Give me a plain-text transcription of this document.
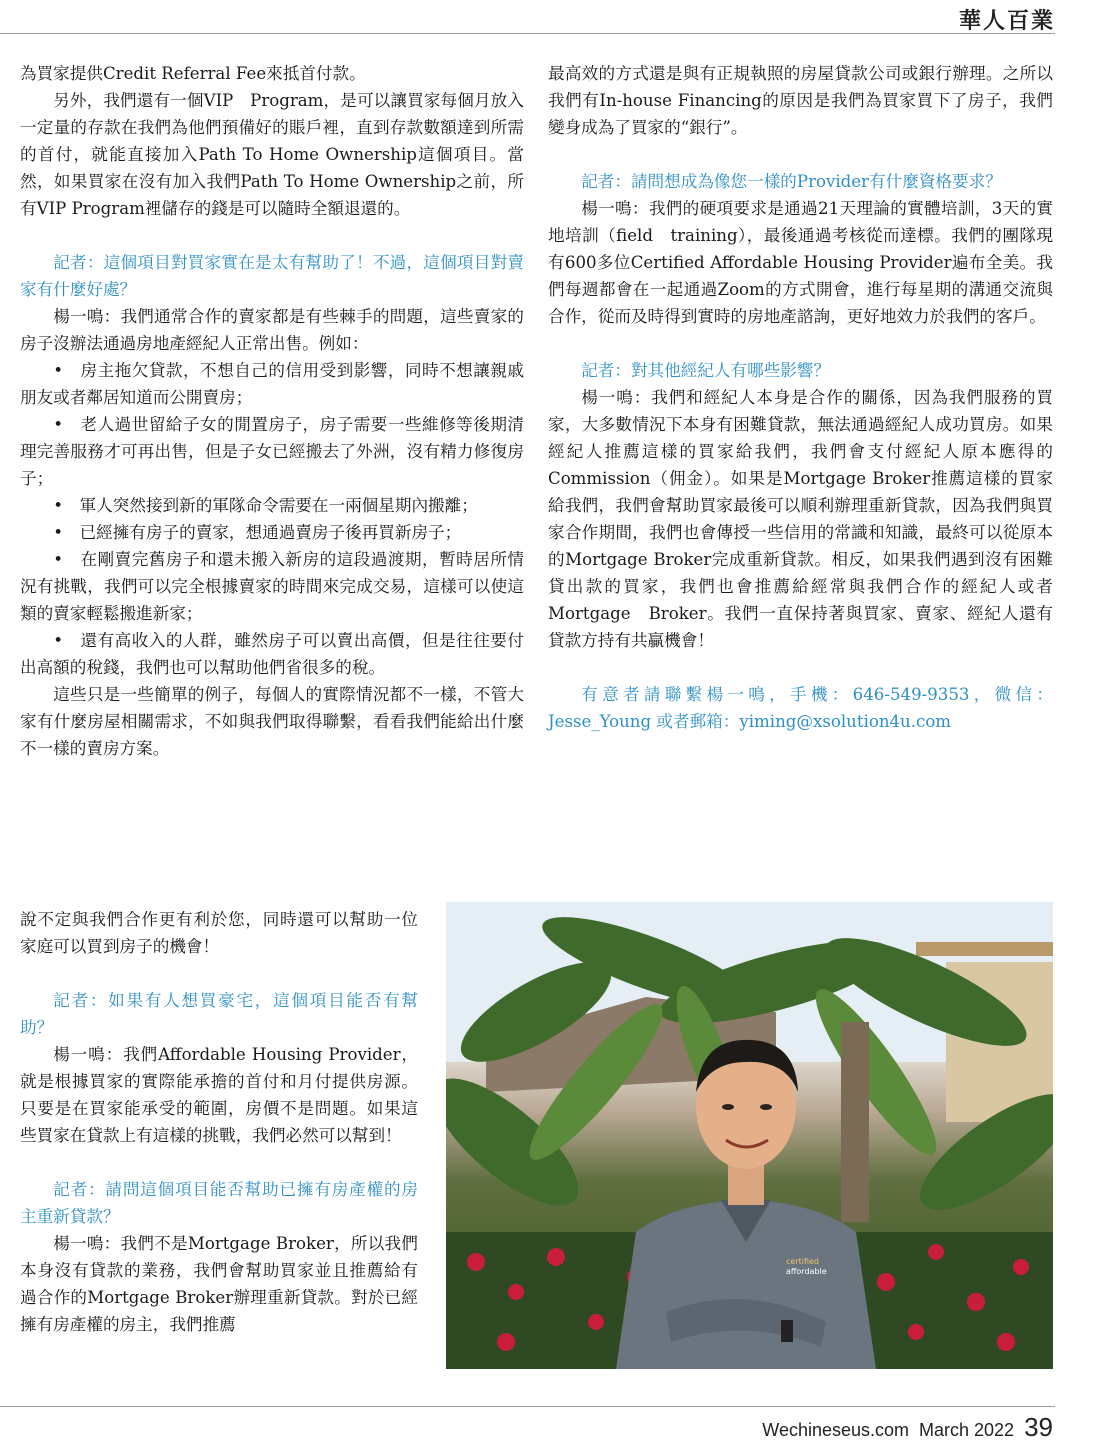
華人百業

為買家提供Credit Referral Fee來抵首付款。

另外，我們還有一個VIP　Program，是可以讓買家每個月放入一定量的存款在我們為他們預備好的賬戶裡，直到存款數額達到所需的首付，就能直接加入Path To Home Ownership這個項目。當然，如果買家在沒有加入我們Path To Home Ownership之前，所有VIP Program裡儲存的錢是可以隨時全額退還的。

記者：這個項目對買家實在是太有幫助了！不過，這個項目對賣家有什麼好處？

楊一鳴：我們通常合作的賣家都是有些棘手的問題，這些賣家的房子沒辦法通過房地產經紀人正常出售。例如：

•　房主拖欠貸款，不想自己的信用受到影響，同時不想讓親戚朋友或者鄰居知道而公開賣房；

•　老人過世留給子女的閒置房子，房子需要一些維修等後期清理完善服務才可再出售，但是子女已經搬去了外洲，沒有精力修復房子；

•　軍人突然接到新的軍隊命令需要在一兩個星期內搬離；

•　已經擁有房子的賣家，想通過賣房子後再買新房子；

•　在剛賣完舊房子和還未搬入新房的這段過渡期，暫時居所情況有挑戰，我們可以完全根據賣家的時間來完成交易，這樣可以使這類的賣家輕鬆搬進新家；

•　還有高收入的人群，雖然房子可以賣出高價，但是往往要付出高額的稅錢，我們也可以幫助他們省很多的稅。

這些只是一些簡單的例子，每個人的實際情況都不一樣，不管大家有什麼房屋相關需求，不如與我們取得聯繫，看看我們能給出什麼不一樣的賣房方案。

說不定與我們合作更有利於您，同時還可以幫助一位家庭可以買到房子的機會！

記者：如果有人想買豪宅，這個項目能否有幫助？

楊一鳴：我們Affordable Housing Provider，就是根據買家的實際能承擔的首付和月付提供房源。只要是在買家能承受的範圍，房價不是問題。如果這些買家在貸款上有這樣的挑戰，我們必然可以幫到！

記者：請問這個項目能否幫助已擁有房產權的房主重新貸款？

楊一鳴：我們不是Mortgage Broker，所以我們本身沒有貸款的業務，我們會幫助買家並且推薦給有過合作的Mortgage Broker辦理重新貸款。對於已經擁有房產權的房主，我們推薦

最高效的方式還是與有正規執照的房屋貸款公司或銀行辦理。之所以我們有In-house Financing的原因是我們為買家買下了房子，我們變身成為了買家的“銀行”。

記者：請問想成為像您一樣的Provider有什麼資格要求？

楊一鳴：我們的硬項要求是通過21天理論的實體培訓，3天的實地培訓（field　training），最後通過考核從而達標。我們的團隊現有600多位Certified Affordable Housing Provider遍布全美。我們每週都會在一起通過Zoom的方式開會，進行每星期的溝通交流與合作，從而及時得到實時的房地產諮詢，更好地效力於我們的客戶。

記者：對其他經紀人有哪些影響？

楊一鳴：我們和經紀人本身是合作的關係，因為我們服務的買家，大多數情況下本身有困難貸款，無法通過經紀人成功買房。如果經紀人推薦這樣的買家給我們，我們會支付經紀人原本應得的Commission（佣金）。如果是Mortgage Broker推薦這樣的買家給我們，我們會幫助買家最後可以順利辦理重新貸款，因為我們與買家合作期間，我們也會傳授一些信用的常識和知識，最終可以從原本的Mortgage Broker完成重新貸款。相反，如果我們遇到沒有困難貸出款的買家，我們也會推薦給經常與我們合作的經紀人或者Mortgage　Broker。我們一直保持著與買家、賣家、經紀人還有貸款方持有共贏機會！

有意者請聯繫楊一鳴，手機：646-549-9353，微信：Jesse_Young 或者郵箱：yiming@xsolution4u.com

certified
affordable
Wechineseus.com March 2022 39
